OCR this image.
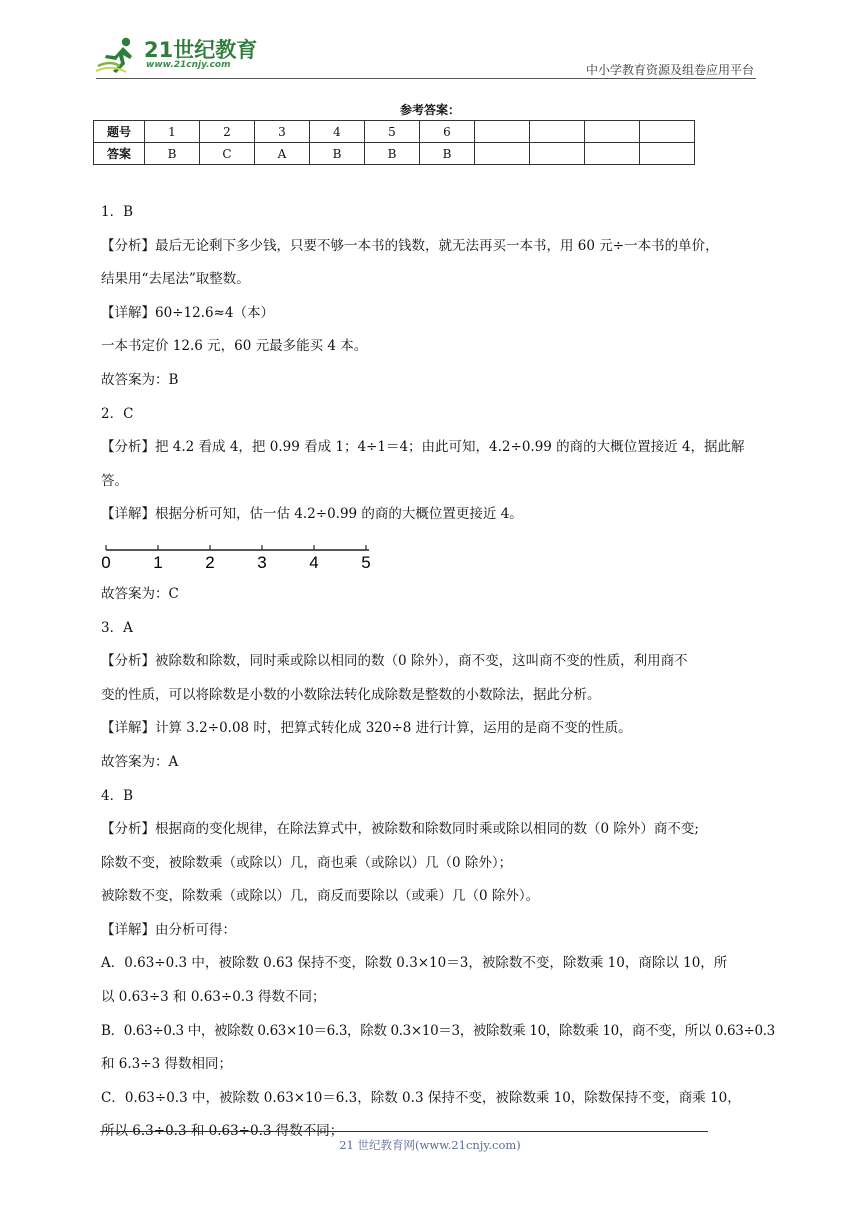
21世纪教育
www.21cnjy.com	中小学教育资源及组卷应用平台
参考答案：
题号	1	2	3	4	5	6				
答案	B	C	A	B	B	B				

1．B

【分析】最后无论剩下多少钱，只要不够一本书的钱数，就无法再买一本书，用 60 元÷一本书的单价，

结果用“去尾法”取整数。

【详解】60÷12.6≈4（本）

一本书定价 12.6 元，60 元最多能买 4 本。

故答案为：B

2．C

【分析】把 4.2 看成 4，把 0.99 看成 1；4÷1＝4；由此可知，4.2÷0.99 的商的大概位置接近 4，据此解

答。

【详解】根据分析可知，估一估 4.2÷0.99 的商的大概位置更接近 4。

0	1	2	3	4	5

故答案为：C

3．A

【分析】被除数和除数，同时乘或除以相同的数（0 除外），商不变，这叫商不变的性质，利用商不

变的性质，可以将除数是小数的小数除法转化成除数是整数的小数除法，据此分析。

【详解】计算 3.2÷0.08 时，把算式转化成 320÷8 进行计算，运用的是商不变的性质。

故答案为：A

4．B

【分析】根据商的变化规律，在除法算式中，被除数和除数同时乘或除以相同的数（0 除外）商不变;

除数不变，被除数乘（或除以）几，商也乘（或除以）几（0 除外）；

被除数不变，除数乘（或除以）几，商反而要除以（或乘）几（0 除外）。

【详解】由分析可得：

A．0.63÷0.3 中，被除数 0.63 保持不变，除数 0.3×10＝3，被除数不变，除数乘 10，商除以 10，所

以 0.63÷3 和 0.63÷0.3 得数不同；

B．0.63÷0.3 中，被除数 0.63×10＝6.3，除数 0.3×10＝3，被除数乘 10，除数乘 10，商不变，所以 0.63÷0.3

和 6.3÷3 得数相同；

C．0.63÷0.3 中，被除数 0.63×10＝6.3，除数 0.3 保持不变，被除数乘 10，除数保持不变，商乘 10，

所以 6.3÷0.3 和 0.63÷0.3 得数不同；

21 世纪教育网(www.21cnjy.com)
